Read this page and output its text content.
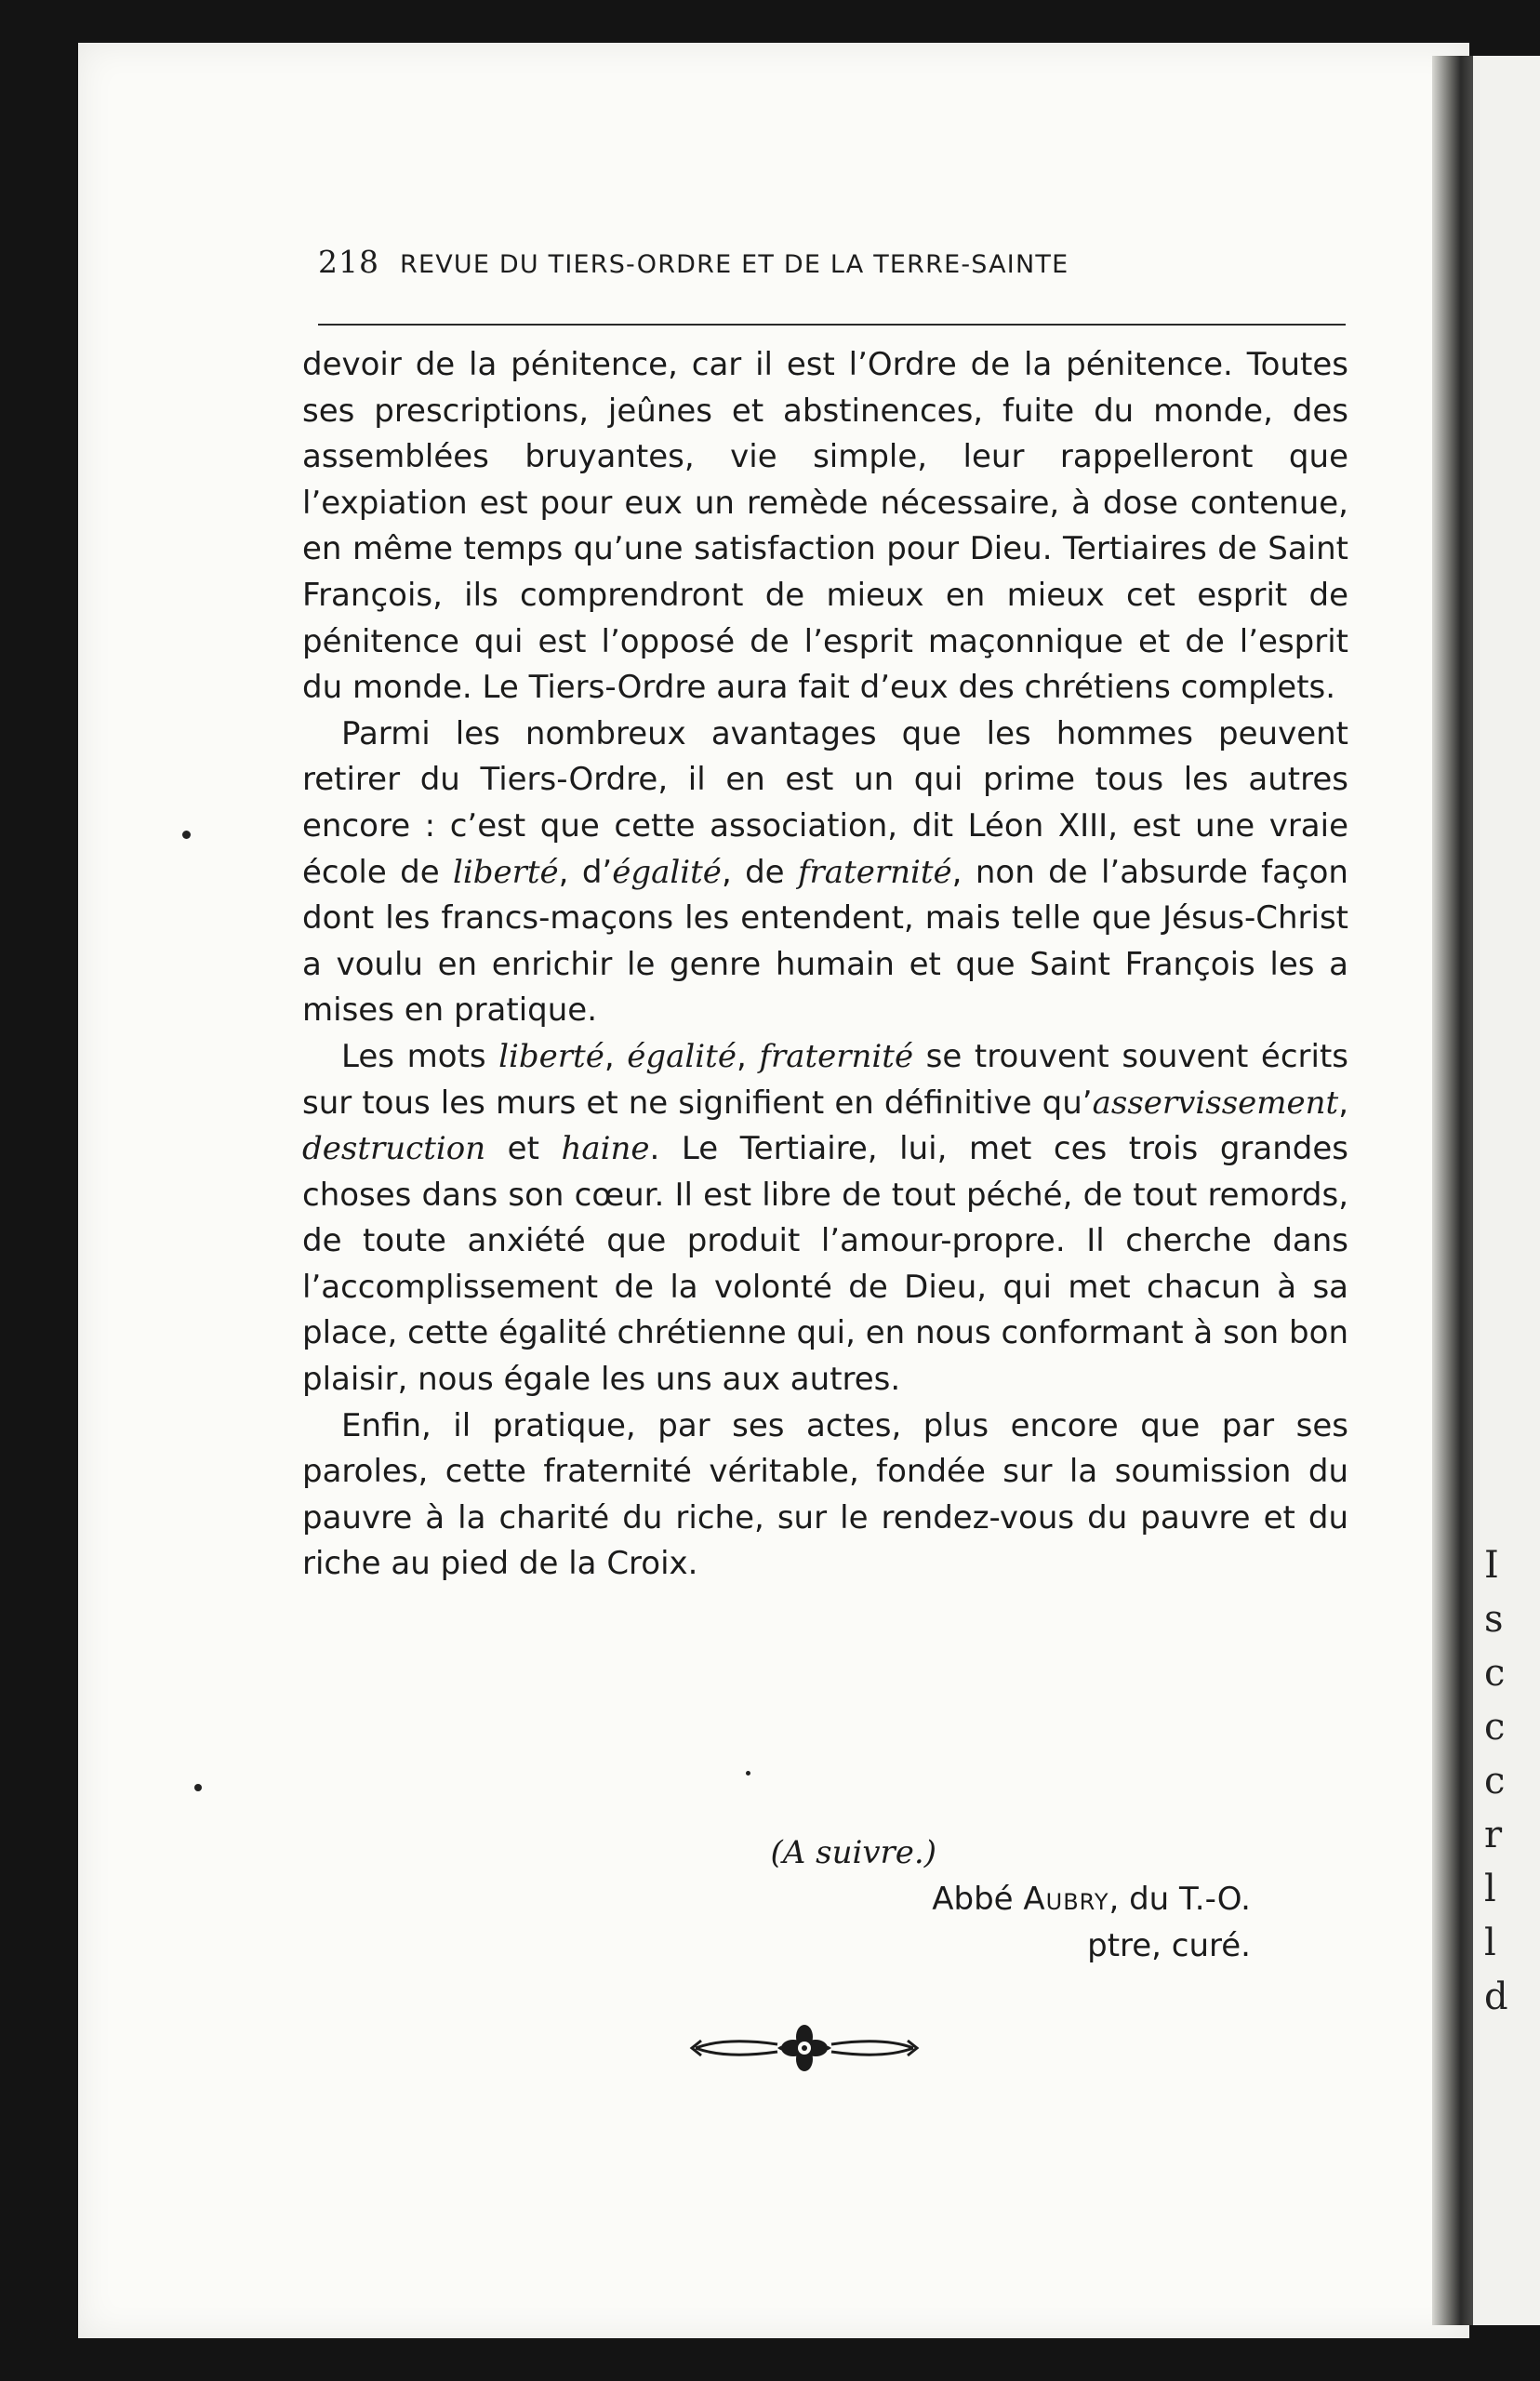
I
s
c
c
c
r
l
l
d
218 REVUE DU TIERS-ORDRE ET DE LA TERRE-SAINTE

devoir de la pénitence, car il est l’Ordre de la pénitence. Toutes ses prescriptions, jeûnes et abstinences, fuite du monde, des assemblées bruyantes, vie simple, leur rappelleront que l’expiation est pour eux un remède nécessaire, à dose contenue, en même temps qu’une satisfaction pour Dieu. Tertiaires de Saint François, ils comprendront de mieux en mieux cet esprit de pénitence qui est l’opposé de l’esprit maçonnique et de l’esprit du monde. Le Tiers-Ordre aura fait d’eux des chrétiens complets.

Parmi les nombreux avantages que les hommes peuvent retirer du Tiers-Ordre, il en est un qui prime tous les autres encore : c’est que cette association, dit Léon XIII, est une vraie école de liberté, d’égalité, de fraternité, non de l’absurde façon dont les francs-maçons les entendent, mais telle que Jésus-Christ a voulu en enrichir le genre humain et que Saint François les a mises en pratique.

Les mots liberté, égalité, fraternité se trouvent souvent écrits sur tous les murs et ne signifient en définitive qu’asservissement, destruction et haine. Le Tertiaire, lui, met ces trois grandes choses dans son cœur. Il est libre de tout péché, de tout remords, de toute anxiété que produit l’amour-propre. Il cherche dans l’accomplissement de la volonté de Dieu, qui met chacun à sa place, cette égalité chrétienne qui, en nous conformant à son bon plaisir, nous égale les uns aux autres.

Enfin, il pratique, par ses actes, plus encore que par ses paroles, cette fraternité véritable, fondée sur la soumission du pauvre à la charité du riche, sur le rendez-vous du pauvre et du riche au pied de la Croix.

(A suivre.)
Abbé Aubry, du T.-O.
ptre, curé.
